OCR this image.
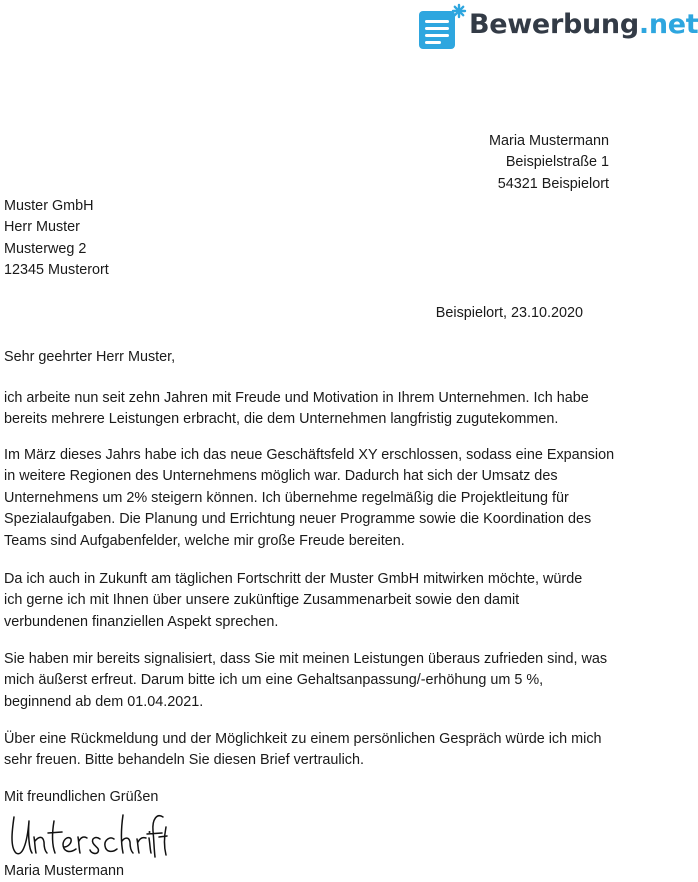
Bewerbung.net
Maria Mustermann
Beispielstraße 1
54321 Beispielort
Muster GmbH
Herr Muster
Musterweg 2
12345 Musterort
Beispielort, 23.10.2020
Sehr geehrter Herr Muster,

ich arbeite nun seit zehn Jahren mit Freude und Motivation in Ihrem Unternehmen. Ich habe

bereits mehrere Leistungen erbracht, die dem Unternehmen langfristig zugutekommen.

Im März dieses Jahrs habe ich das neue Geschäftsfeld XY erschlossen, sodass eine Expansion

in weitere Regionen des Unternehmens möglich war. Dadurch hat sich der Umsatz des

Unternehmens um 2% steigern können. Ich übernehme regelmäßig die Projektleitung für

Spezialaufgaben. Die Planung und Errichtung neuer Programme sowie die Koordination des

Teams sind Aufgabenfelder, welche mir große Freude bereiten.

Da ich auch in Zukunft am täglichen Fortschritt der Muster GmbH mitwirken möchte, würde

ich gerne ich mit Ihnen über unsere zukünftige Zusammenarbeit sowie den damit

verbundenen finanziellen Aspekt sprechen.

Sie haben mir bereits signalisiert, dass Sie mit meinen Leistungen überaus zufrieden sind, was

mich äußerst erfreut. Darum bitte ich um eine Gehaltsanpassung/-erhöhung um 5 %,

beginnend ab dem 01.04.2021.

Über eine Rückmeldung und der Möglichkeit zu einem persönlichen Gespräch würde ich mich

sehr freuen. Bitte behandeln Sie diesen Brief vertraulich.

Mit freundlichen Grüßen
Maria Mustermann
